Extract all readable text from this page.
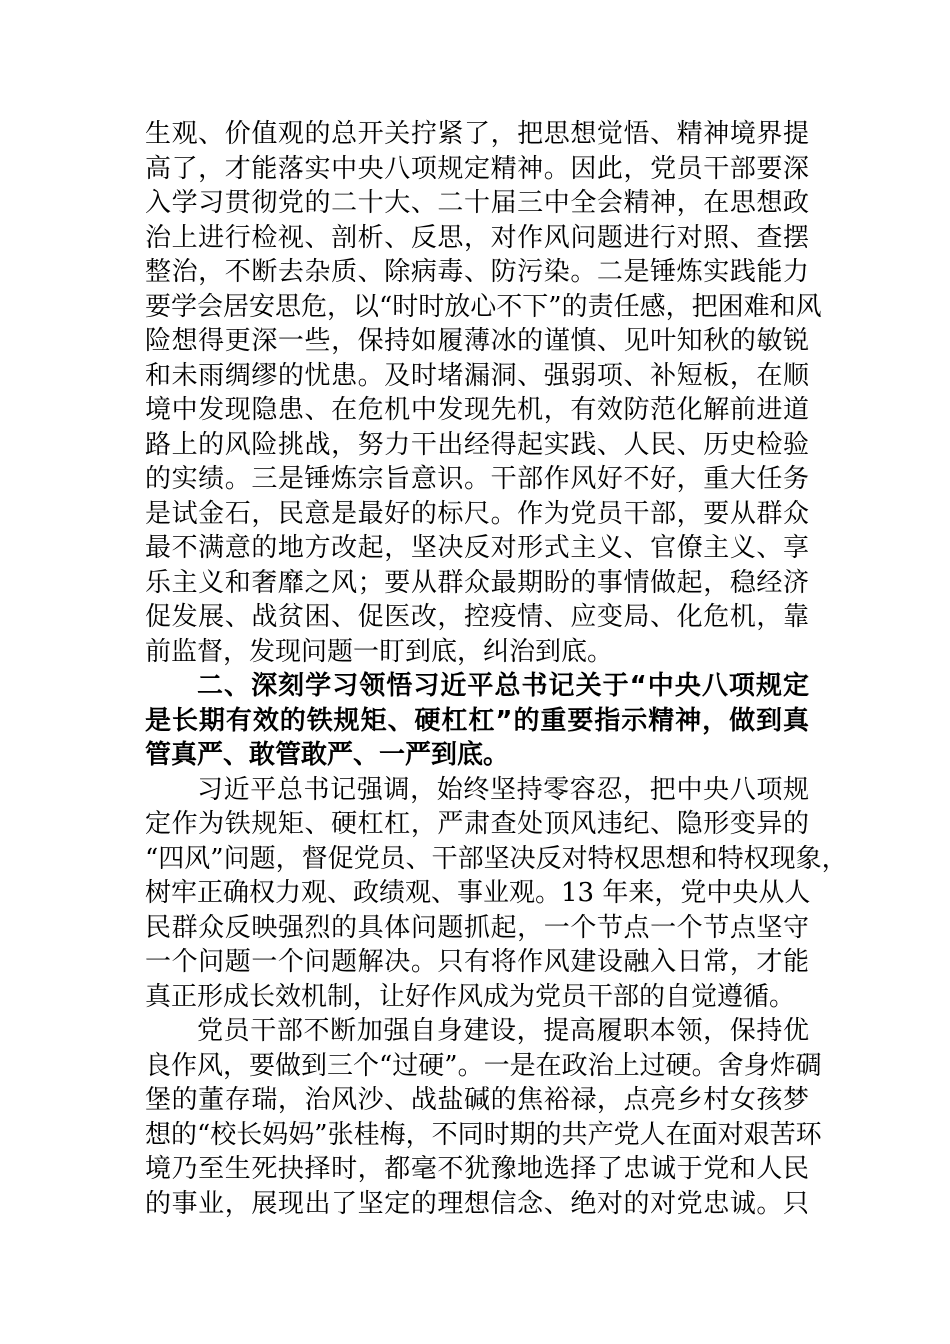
生观、价值观的总开关拧紧了，把思想觉悟、精神境界提
高了，才能落实中央八项规定精神。因此，党员干部要深
入学习贯彻党的二十大、二十届三中全会精神，在思想政
治上进行检视、剖析、反思，对作风问题进行对照、查摆
整治，不断去杂质、除病毒、防污染。二是锤炼实践能力
要学会居安思危，以“时时放心不下”的责任感，把困难和风
险想得更深一些，保持如履薄冰的谨慎、见叶知秋的敏锐
和未雨绸缪的忧患。及时堵漏洞、强弱项、补短板，在顺
境中发现隐患、在危机中发现先机，有效防范化解前进道
路上的风险挑战，努力干出经得起实践、人民、历史检验
的实绩。三是锤炼宗旨意识。干部作风好不好，重大任务
是试金石，民意是最好的标尺。作为党员干部，要从群众
最不满意的地方改起，坚决反对形式主义、官僚主义、享
乐主义和奢靡之风；要从群众最期盼的事情做起，稳经济
促发展、战贫困、促医改，控疫情、应变局、化危机，靠
前监督，发现问题一盯到底，纠治到底。
二、深刻学习领悟习近平总书记关于“中央八项规定
是长期有效的铁规矩、硬杠杠”的重要指示精神，做到真
管真严、敢管敢严、一严到底。
习近平总书记强调，始终坚持零容忍，把中央八项规
定作为铁规矩、硬杠杠，严肃查处顶风违纪、隐形变异的
“四风”问题，督促党员、干部坚决反对特权思想和特权现象，
树牢正确权力观、政绩观、事业观。13 年来，党中央从人
民群众反映强烈的具体问题抓起，一个节点一个节点坚守
一个问题一个问题解决。只有将作风建设融入日常，才能
真正形成长效机制，让好作风成为党员干部的自觉遵循。
党员干部不断加强自身建设，提高履职本领，保持优
良作风，要做到三个“过硬”。一是在政治上过硬。舍身炸碉
堡的董存瑞，治风沙、战盐碱的焦裕禄，点亮乡村女孩梦
想的“校长妈妈”张桂梅，不同时期的共产党人在面对艰苦环
境乃至生死抉择时，都毫不犹豫地选择了忠诚于党和人民
的事业，展现出了坚定的理想信念、绝对的对党忠诚。只
